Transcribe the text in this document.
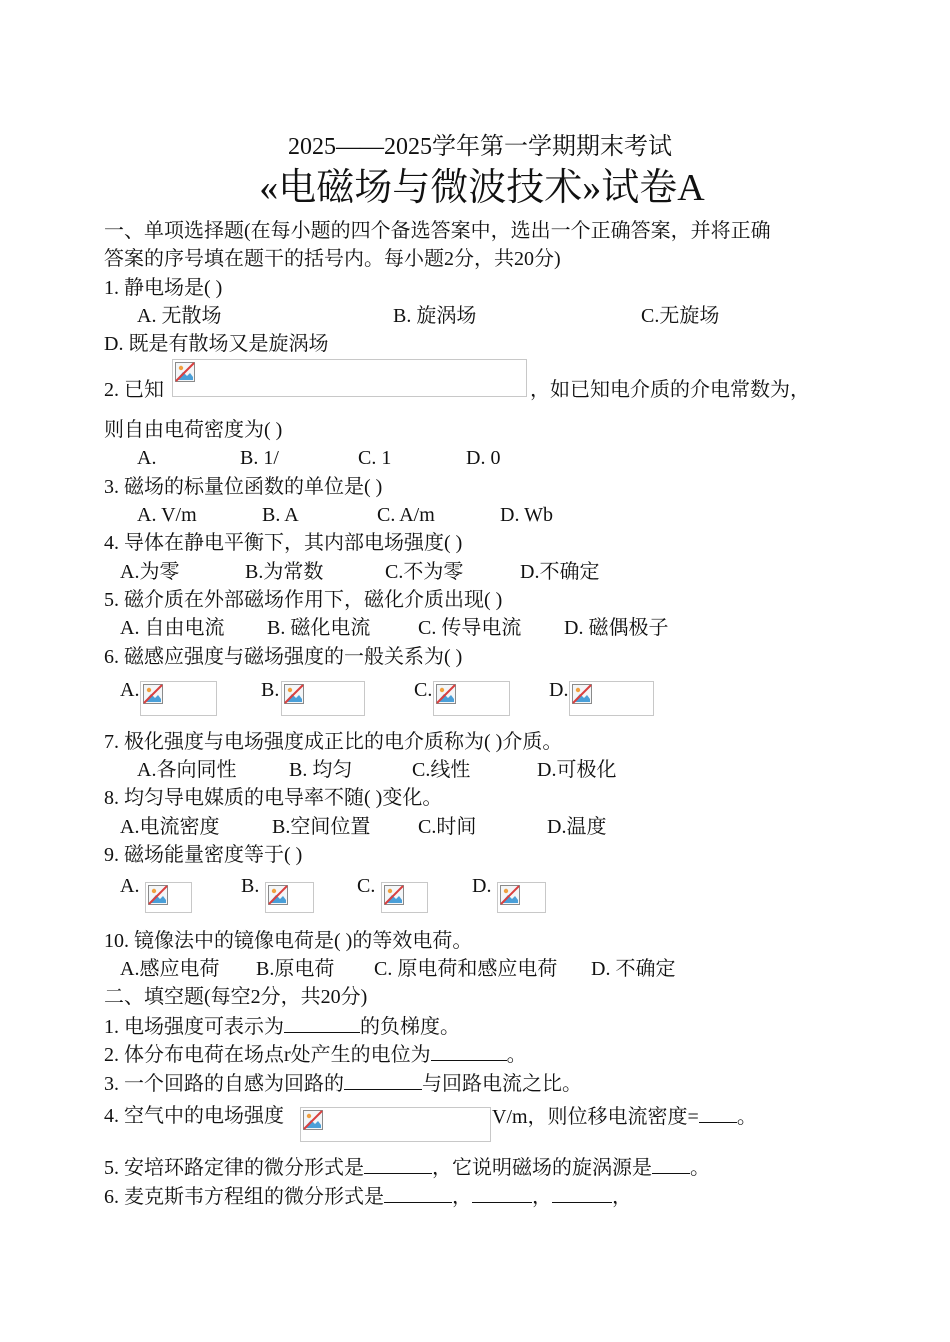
2025——2025学年第一学期期末考试
«电磁场与微波技术»试卷A
一、单项选择题(在每小题的四个备选答案中，选出一个正确答案，并将正确
答案的序号填在题干的括号内。每小题2分，共20分)
1. 静电场是( )
A. 无散场	B. 旋涡场	C.无旋场
D. 既是有散场又是旋涡场
2. 已知	，如已知电介质的介电常数为，
则自由电荷密度为( )
A.	B. 1/	C. 1	D. 0
3. 磁场的标量位函数的单位是( )
A. V/m	B. A	C. A/m	D. Wb
4. 导体在静电平衡下，其内部电场强度( )
A.为零	B.为常数	C.不为零	D.不确定
5. 磁介质在外部磁场作用下，磁化介质出现( )
A. 自由电流 B. 磁化电流 C. 传导电流 D. 磁偶极子
6. 磁感应强度与磁场强度的一般关系为( )
A.	B.	C.	D.
7. 极化强度与电场强度成正比的电介质称为( )介质。
A.各向同性	B. 均匀	C.线性	D.可极化
8. 均匀导电媒质的电导率不随( )变化。
A.电流密度	B.空间位置 C.时间	D.温度
9. 磁场能量密度等于( )
A.	B.	C.	D.
10. 镜像法中的镜像电荷是( )的等效电荷。
A.感应电荷 B.原电荷 C. 原电荷和感应电荷 D. 不确定
二、填空题(每空2分，共20分)
1. 电场强度可表示为	的负梯度。
2. 体分布电荷在场点r处产生的电位为	。
3. 一个回路的自感为回路的	与回路电流之比。
4. 空气中的电场强度	V/m，则位移电流密度= 。
5. 安培环路定律的微分形式是	，它说明磁场的旋涡源是 。
6. 麦克斯韦方程组的微分形式是	，	，	，
